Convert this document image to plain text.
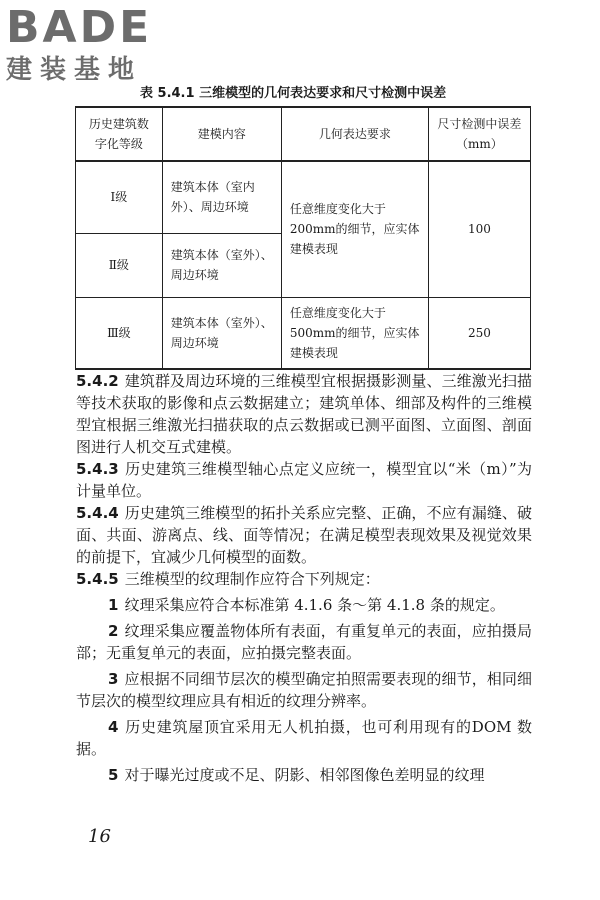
BADE
建装基地
表 5.4.1 三维模型的几何表达要求和尺寸检测中误差
历史建筑数字化等级	建模内容	几何表达要求	尺寸检测中误差（mm）
Ⅰ级	建筑本体（室内外）、周边环境	任意维度变化大于200mm的细节，应实体建模表现	100
Ⅱ级	建筑本体（室外）、周边环境		
Ⅲ级	建筑本体（室外）、周边环境	任意维度变化大于500mm的细节，应实体建模表现	250

5.4.2 建筑群及周边环境的三维模型宜根据摄影测量、三维激光扫描等技术获取的影像和点云数据建立；建筑单体、细部及构件的三维模型宜根据三维激光扫描获取的点云数据或已测平面图、立面图、剖面图进行人机交互式建模。

5.4.3 历史建筑三维模型轴心点定义应统一，模型宜以“米（m）”为计量单位。

5.4.4 历史建筑三维模型的拓扑关系应完整、正确，不应有漏缝、破面、共面、游离点、线、面等情况；在满足模型表现效果及视觉效果的前提下，宜减少几何模型的面数。

5.4.5 三维模型的纹理制作应符合下列规定：

1 纹理采集应符合本标准第 4.1.6 条～第 4.1.8 条的规定。

2 纹理采集应覆盖物体所有表面，有重复单元的表面，应拍摄局部；无重复单元的表面，应拍摄完整表面。

3 应根据不同细节层次的模型确定拍照需要表现的细节，相同细节层次的模型纹理应具有相近的纹理分辨率。

4 历史建筑屋顶宜采用无人机拍摄，也可利用现有的DOM 数据。

5 对于曝光过度或不足、阴影、相邻图像色差明显的纹理

16
